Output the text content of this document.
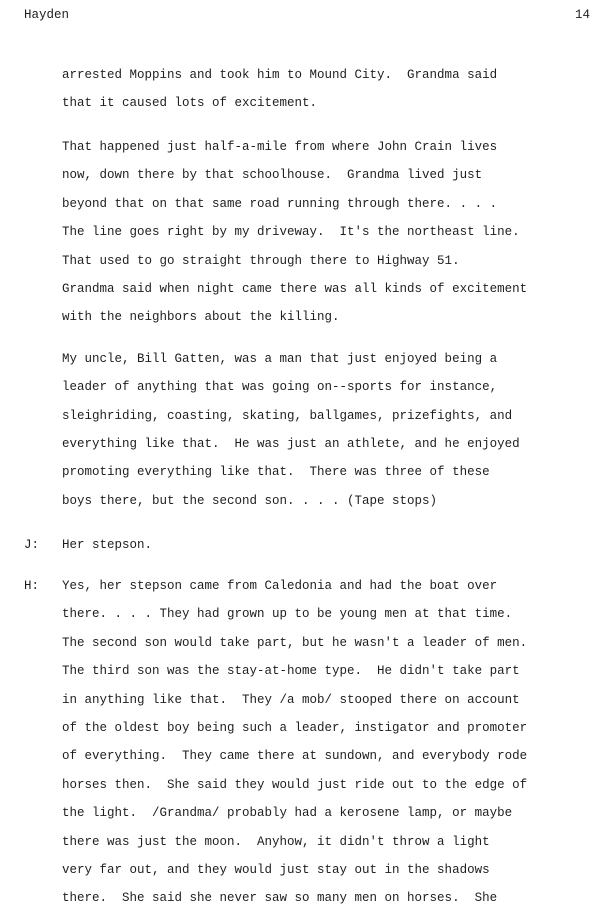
Hayden	14
arrested Moppins and took him to Mound City.  Grandma said
that it caused lots of excitement.
That happened just half-a-mile from where John Crain lives
now, down there by that schoolhouse.  Grandma lived just
beyond that on that same road running through there. . . .
The line goes right by my driveway.  It's the northeast line.
That used to go straight through there to Highway 51.
Grandma said when night came there was all kinds of excitement
with the neighbors about the killing.
My uncle, Bill Gatten, was a man that just enjoyed being a
leader of anything that was going on--sports for instance,
sleighriding, coasting, skating, ballgames, prizefights, and
everything like that.  He was just an athlete, and he enjoyed
promoting everything like that.  There was three of these
boys there, but the second son. . . . (Tape stops)
J: Her stepson.
H: Yes, her stepson came from Caledonia and had the boat over
there. . . . They had grown up to be young men at that time.
The second son would take part, but he wasn't a leader of men.
The third son was the stay-at-home type.  He didn't take part
in anything like that.  They /a mob/ stooped there on account
of the oldest boy being such a leader, instigator and promoter
of everything.  They came there at sundown, and everybody rode
horses then.  She said they would just ride out to the edge of
the light.  /Grandma/ probably had a kerosene lamp, or maybe
there was just the moon.  Anyhow, it didn't throw a light
very far out, and they would just stay out in the shadows
there.  She said she never saw so many men on horses.  She
